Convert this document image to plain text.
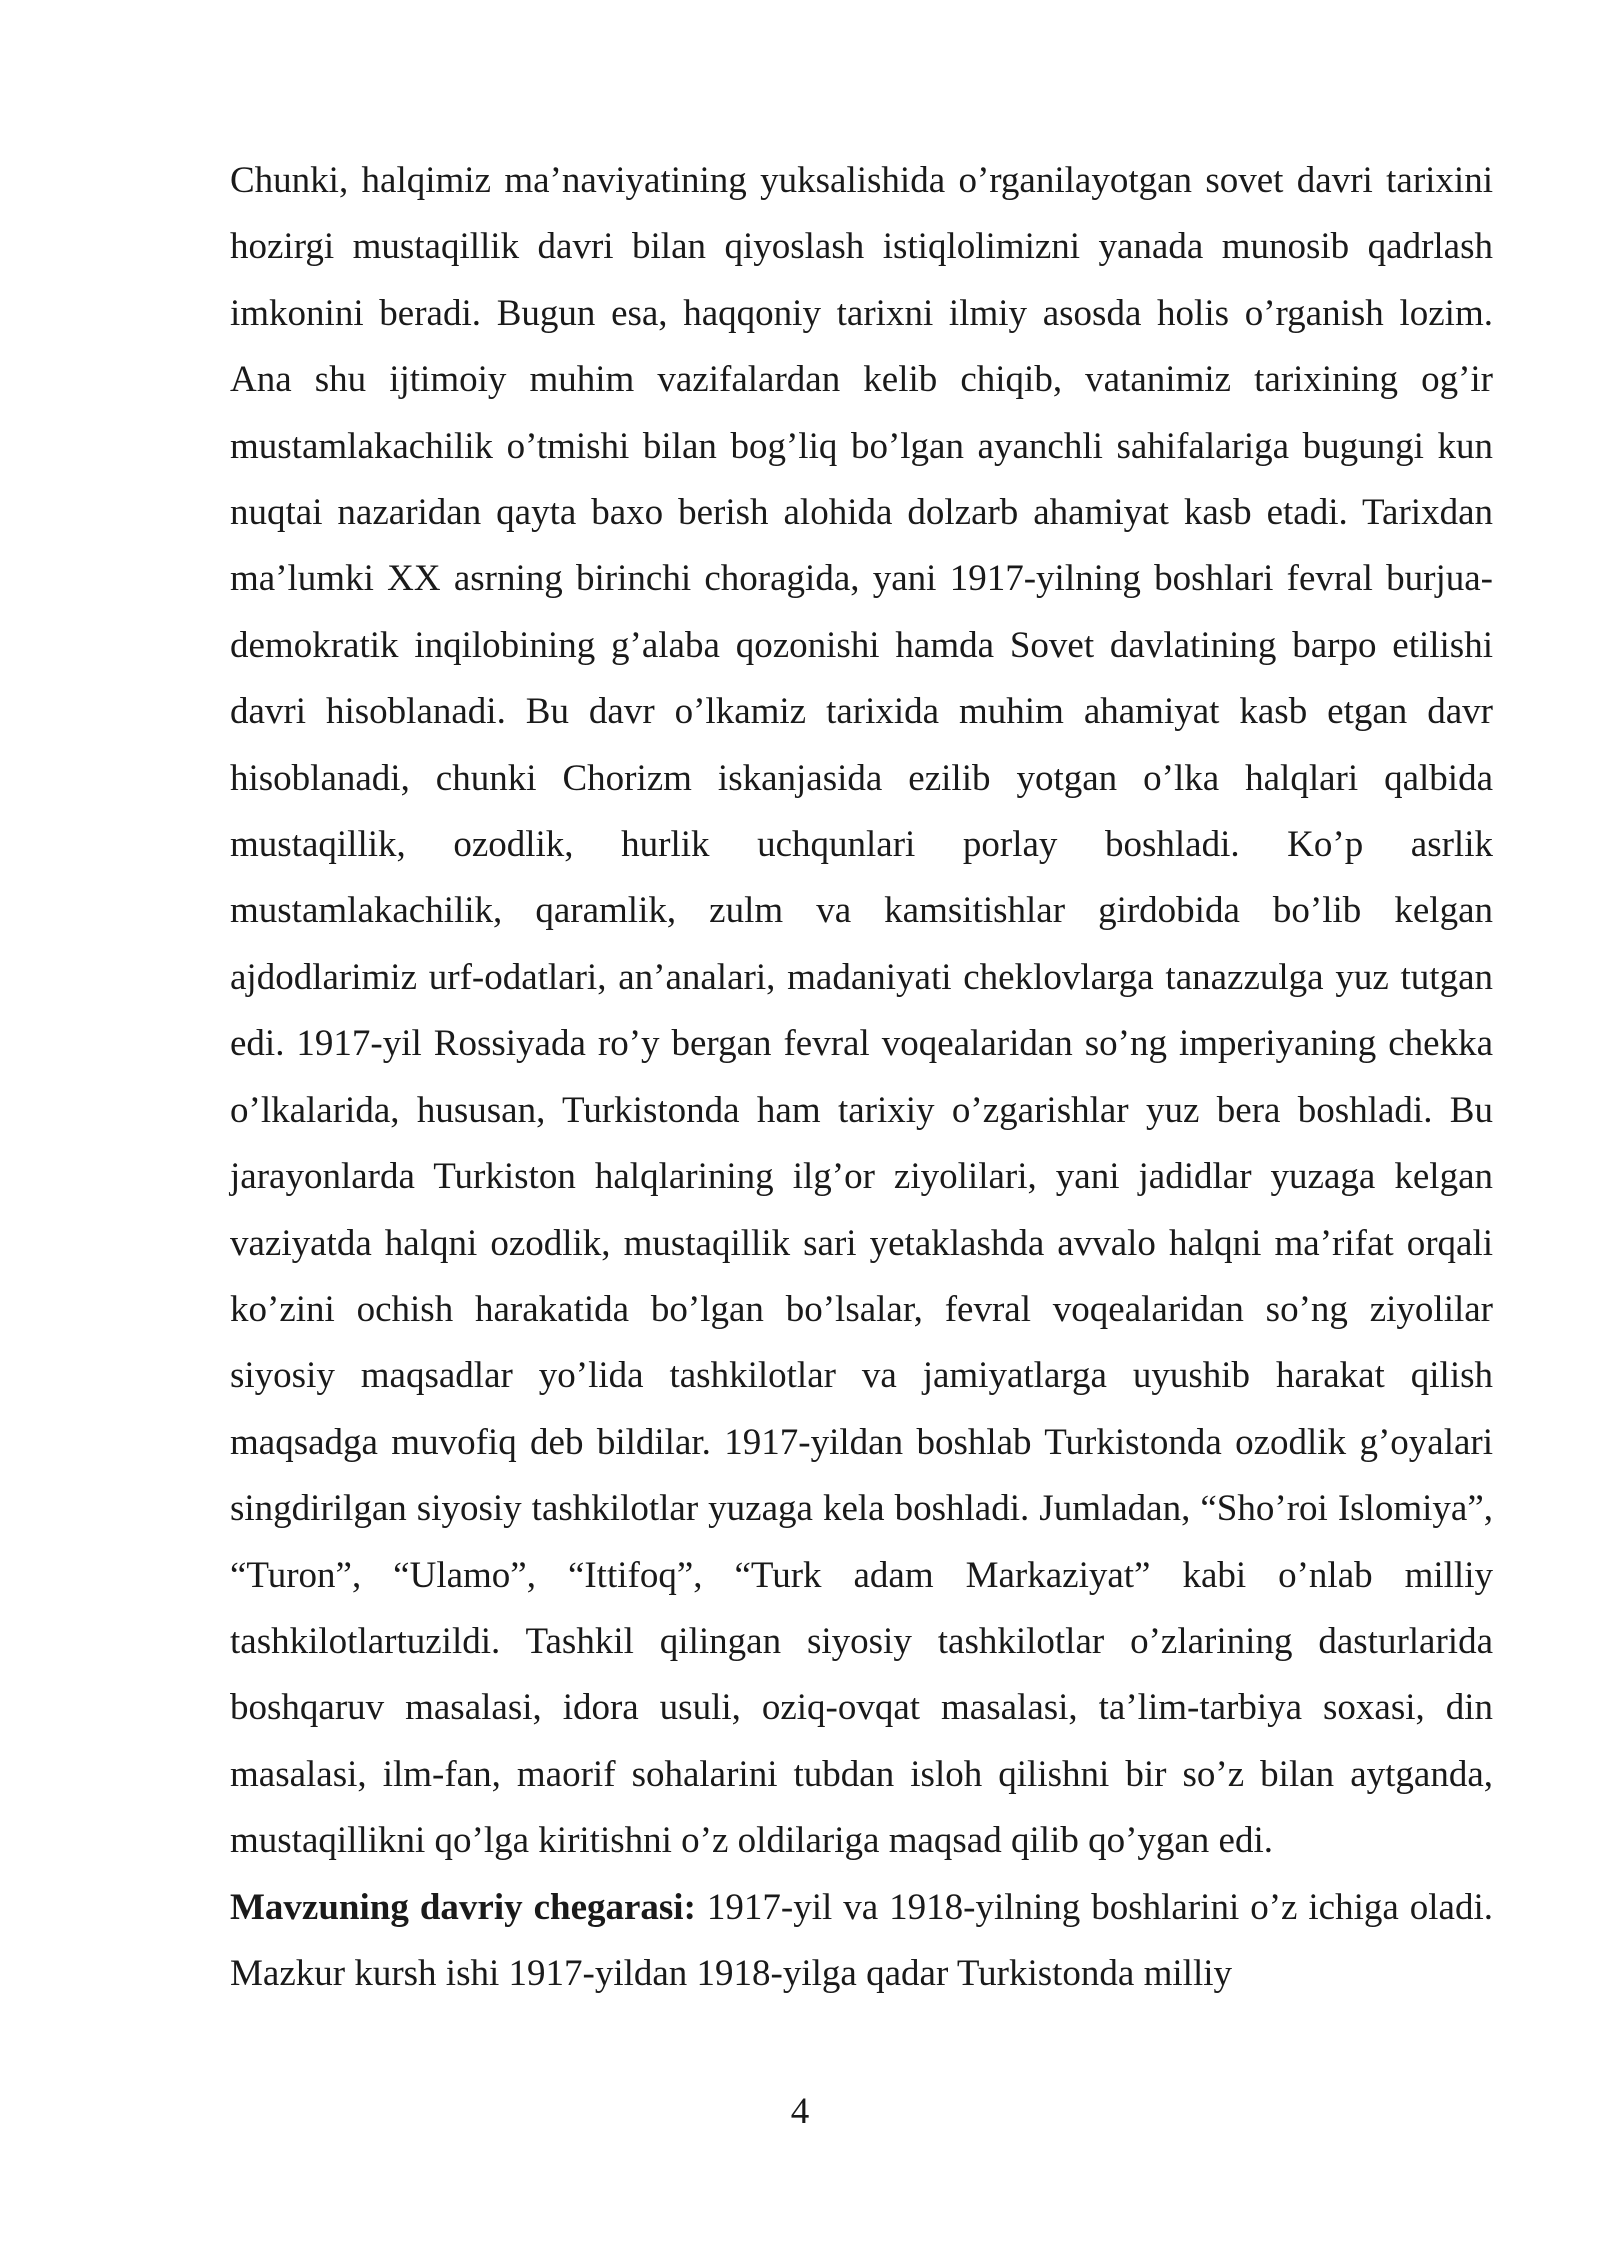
Chunki, halqimiz ma’naviyatining yuksalishida o’rganilayotgan sovet davri tarixini hozirgi mustaqillik davri bilan qiyoslash istiqlolimizni yanada munosib qadrlash imkonini beradi. Bugun esa, haqqoniy tarixni ilmiy asosda holis o’rganish lozim. Ana shu ijtimoiy muhim vazifalardan kelib chiqib, vatanimiz tarixining og’ir mustamlakachilik o’tmishi bilan bog’liq bo’lgan ayanchli sahifalariga bugungi kun nuqtai nazaridan qayta baxo berish alohida dolzarb ahamiyat kasb etadi. Tarixdan ma’lumki XX asrning birinchi choragida, yani 1917-yilning boshlari fevral burjua-demokratik inqilobining g’alaba qozonishi hamda Sovet davlatining barpo etilishi davri hisoblanadi. Bu davr o’lkamiz tarixida muhim ahamiyat kasb etgan davr hisoblanadi, chunki Chorizm iskanjasida ezilib yotgan o’lka halqlari qalbida mustaqillik, ozodlik, hurlik uchqunlari porlay boshladi. Ko’p asrlik mustamlakachilik, qaramlik, zulm va kamsitishlar girdobida bo’lib kelgan ajdodlarimiz urf-odatlari, an’analari, madaniyati cheklovlarga tanazzulga yuz tutgan edi. 1917-yil Rossiyada ro’y bergan fevral voqealaridan so’ng imperiyaning chekka o’lkalarida, hususan, Turkistonda ham tarixiy o’zgarishlar yuz bera boshladi. Bu jarayonlarda Turkiston halqlarining ilg’or ziyolilari, yani jadidlar yuzaga kelgan vaziyatda halqni ozodlik, mustaqillik sari yetaklashda avvalo halqni ma’rifat orqali ko’zini ochish harakatida bo’lgan bo’lsalar, fevral voqealaridan so’ng ziyolilar siyosiy maqsadlar yo’lida tashkilotlar va jamiyatlarga uyushib harakat qilish maqsadga muvofiq deb bildilar. 1917-yildan boshlab Turkistonda ozodlik g’oyalari singdirilgan siyosiy tashkilotlar yuzaga kela boshladi. Jumladan, “Sho’roi Islomiya”, “Turon”, “Ulamo”, “Ittifoq”, “Turk adam Markaziyat” kabi o’nlab milliy tashkilotlartuzildi. Tashkil qilingan siyosiy tashkilotlar o’zlarining dasturlarida boshqaruv masalasi, idora usuli, oziq-ovqat masalasi, ta’lim-tarbiya soxasi, din masalasi, ilm-fan, maorif sohalarini tubdan isloh qilishni bir so’z bilan aytganda, mustaqillikni qo’lga kiritishni o’z oldilariga maqsad qilib qo’ygan edi.

Mavzuning davriy chegarasi: 1917-yil va 1918-yilning boshlarini o’z ichiga oladi. Mazkur kursh ishi 1917-yildan 1918-yilga qadar Turkistonda milliy

4
